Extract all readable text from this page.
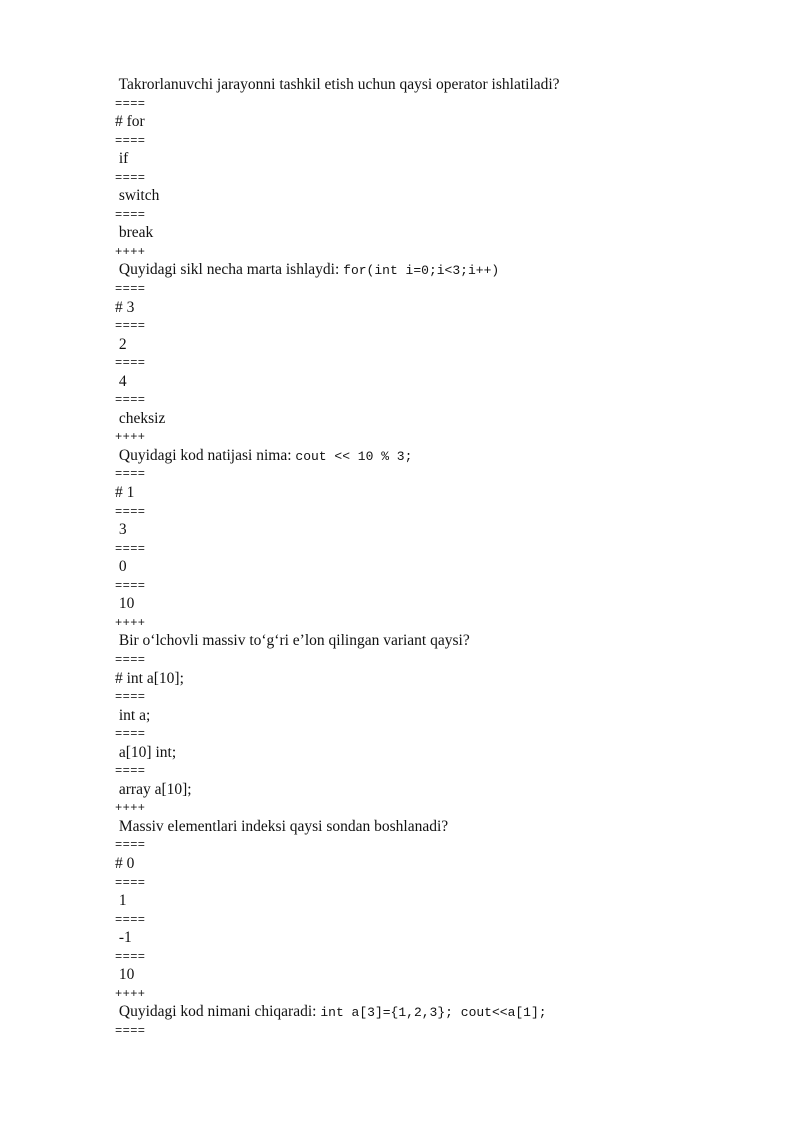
Takrorlanuvchi jarayonni tashkil etish uchun qaysi operator ishlatiladi?
====
# for
====
if
====
switch
====
break
++++
Quyidagi sikl necha marta ishlaydi: for(int i=0;i<3;i++)
====
# 3
====
2
====
4
====
cheksiz
++++
Quyidagi kod natijasi nima: cout << 10 % 3;
====
# 1
====
3
====
0
====
10
++++
Bir o‘lchovli massiv to‘g‘ri e’lon qilingan variant qaysi?
====
# int a[10];
====
int a;
====
a[10] int;
====
array a[10];
++++
Massiv elementlari indeksi qaysi sondan boshlanadi?
====
# 0
====
1
====
-1
====
10
++++
Quyidagi kod nimani chiqaradi: int a[3]={1,2,3}; cout<<a[1];
====
